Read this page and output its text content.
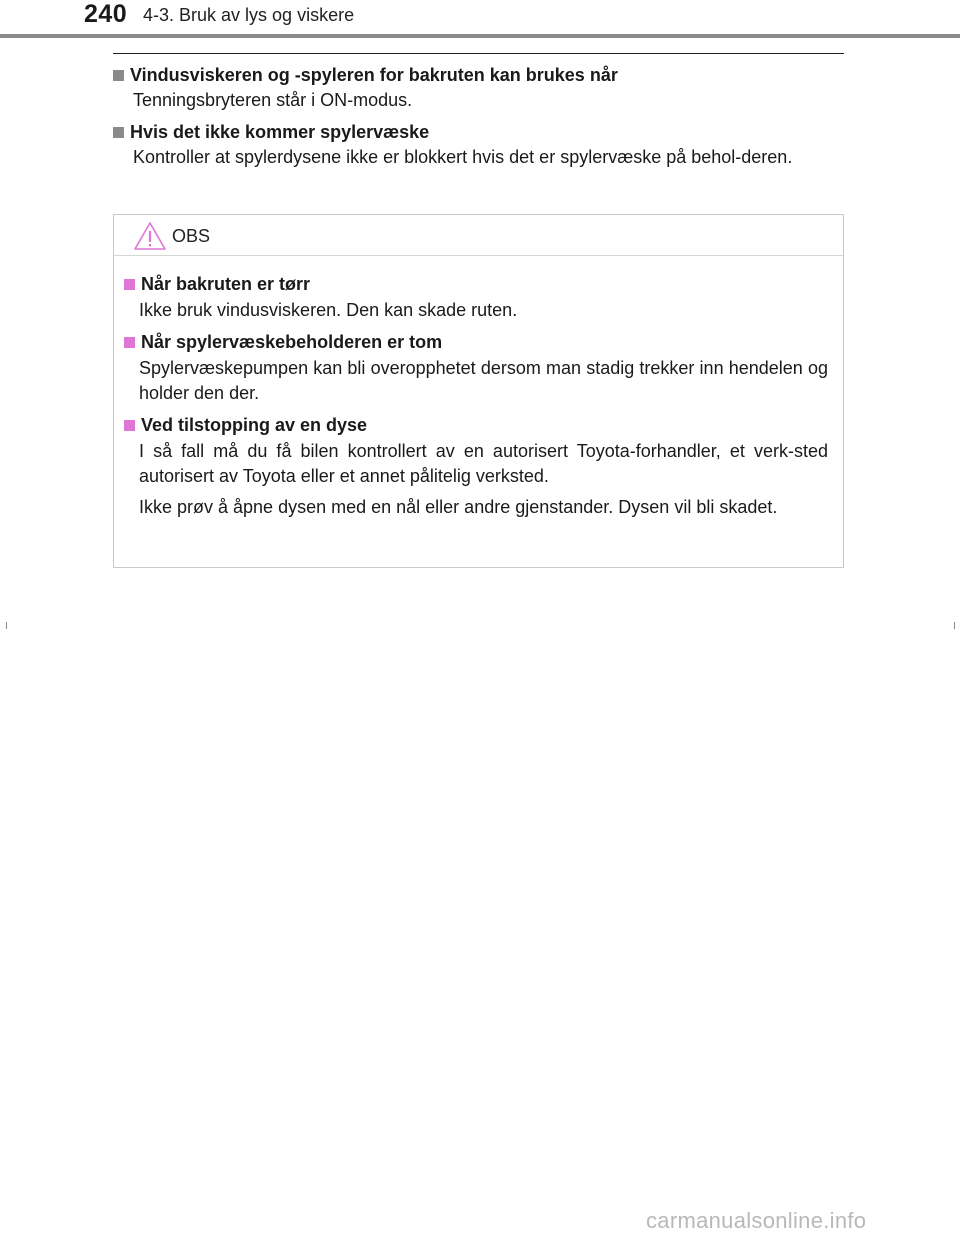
240 4-3. Bruk av lys og viskere
Vindusviskeren og -spyleren for bakruten kan brukes når
Tenningsbryteren står i ON-modus.
Hvis det ikke kommer spylervæske
Kontroller at spylerdysene ikke er blokkert hvis det er spylervæske på behol-deren.
OBS
Når bakruten er tørr

Ikke bruk vindusviskeren. Den kan skade ruten.

Når spylervæskebeholderen er tom

Spylervæskepumpen kan bli overopphetet dersom man stadig trekker inn hendelen og holder den der.

Ved tilstopping av en dyse

I så fall må du få bilen kontrollert av en autorisert Toyota-forhandler, et verk-sted autorisert av Toyota eller et annet pålitelig verksted.

Ikke prøv å åpne dysen med en nål eller andre gjenstander. Dysen vil bli skadet.

carmanualsonline.info
